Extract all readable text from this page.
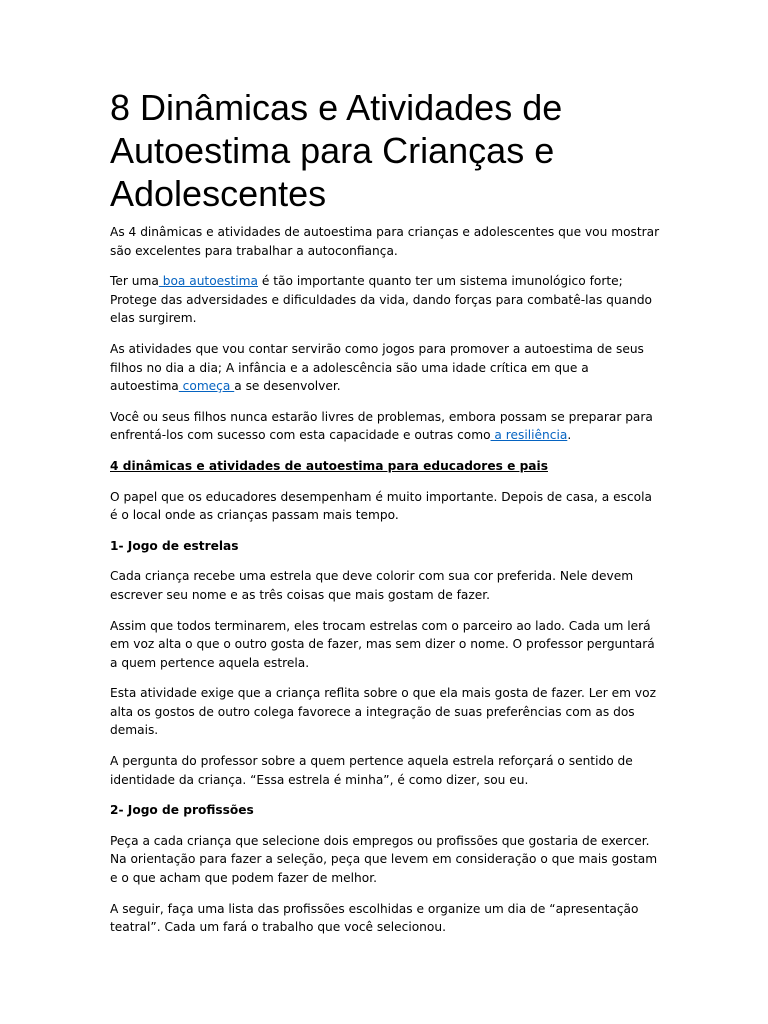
8 Dinâmicas e Atividades de Autoestima para Crianças e Adolescentes

As 4 dinâmicas e atividades de autoestima para crianças e adolescentes que vou mostrar são excelentes para trabalhar a autoconfiança.

Ter uma boa autoestima é tão importante quanto ter um sistema imunológico forte; Protege das adversidades e dificuldades da vida, dando forças para combatê-las quando elas surgirem.

As atividades que vou contar servirão como jogos para promover a autoestima de seus filhos no dia a dia; A infância e a adolescência são uma idade crítica em que a autoestima começa a se desenvolver.

Você ou seus filhos nunca estarão livres de problemas, embora possam se preparar para enfrentá-los com sucesso com esta capacidade e outras como a resiliência.

4 dinâmicas e atividades de autoestima para educadores e pais

O papel que os educadores desempenham é muito importante. Depois de casa, a escola é o local onde as crianças passam mais tempo.

1- Jogo de estrelas

Cada criança recebe uma estrela que deve colorir com sua cor preferida. Nele devem escrever seu nome e as três coisas que mais gostam de fazer.

Assim que todos terminarem, eles trocam estrelas com o parceiro ao lado. Cada um lerá em voz alta o que o outro gosta de fazer, mas sem dizer o nome. O professor perguntará a quem pertence aquela estrela.

Esta atividade exige que a criança reflita sobre o que ela mais gosta de fazer. Ler em voz alta os gostos de outro colega favorece a integração de suas preferências com as dos demais.

A pergunta do professor sobre a quem pertence aquela estrela reforçará o sentido de identidade da criança. “Essa estrela é minha”, é como dizer, sou eu.

2- Jogo de profissões

Peça a cada criança que selecione dois empregos ou profissões que gostaria de exercer. Na orientação para fazer a seleção, peça que levem em consideração o que mais gostam e o que acham que podem fazer de melhor.

A seguir, faça uma lista das profissões escolhidas e organize um dia de “apresentação teatral”. Cada um fará o trabalho que você selecionou.
